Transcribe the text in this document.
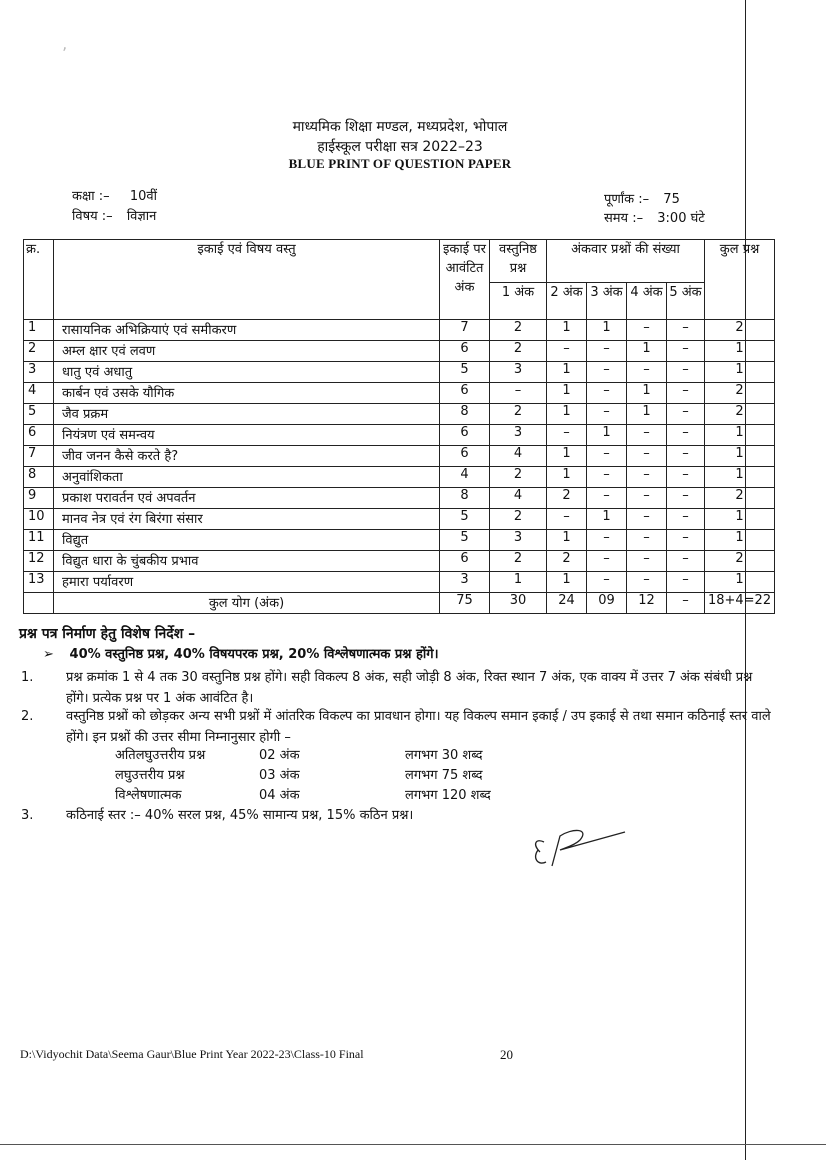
ʼ
माध्यमिक शिक्षा मण्डल, मध्यप्रदेश, भोपाल
हाईस्कूल परीक्षा सत्र 2022–23
BLUE PRINT OF QUESTION PAPER
कक्षा :– 10वीं
विषय :– विज्ञान
पूर्णांक :– 75
समय :– 3:00 घंटे
क्र.	इकाई एवं विषय वस्तु	इकाई पर आवंटित अंक	वस्तुनिष्ठ प्रश्न	अंकवार प्रश्नों की संख्या				कुल प्रश्न
			1 अंक	2 अंक	3 अंक	4 अंक	5 अंक	
1	रासायनिक अभिक्रियाएं एवं समीकरण	7	2	1	1	–	–	2
2	अम्ल क्षार एवं लवण	6	2	–	–	1	–	1
3	धातु एवं अधातु	5	3	1	–	–	–	1
4	कार्बन एवं उसके यौगिक	6	–	1	–	1	–	2
5	जैव प्रक्रम	8	2	1	–	1	–	2
6	नियंत्रण एवं समन्वय	6	3	–	1	–	–	1
7	जीव जनन कैसे करते है?	6	4	1	–	–	–	1
8	अनुवांशिकता	4	2	1	–	–	–	1
9	प्रकाश परावर्तन एवं अपवर्तन	8	4	2	–	–	–	2
10	मानव नेत्र एवं रंग बिरंगा संसार	5	2	–	1	–	–	1
11	विद्युत	5	3	1	–	–	–	1
12	विद्युत धारा के चुंबकीय प्रभाव	6	2	2	–	–	–	2
13	हमारा पर्यावरण	3	1	1	–	–	–	1
	कुल योग (अंक)	75	30	24	09	12	–	18+4=22
प्रश्न पत्र निर्माण हेतु विशेष निर्देश –
➢ 40% वस्तुनिष्ठ प्रश्न, 40% विषयपरक प्रश्न, 20% विश्लेषणात्मक प्रश्न होंगे।
1.	प्रश्न क्रमांक 1 से 4 तक 30 वस्तुनिष्ठ प्रश्न होंगे। सही विकल्प 8 अंक, सही जोड़ी 8 अंक, रिक्त स्थान 7 अंक, एक वाक्य में उत्तर 7 अंक संबंधी प्रश्न होंगे। प्रत्येक प्रश्न पर 1 अंक आवंटित है।
2.	वस्तुनिष्ठ प्रश्नों को छोड़कर अन्य सभी प्रश्नों में आंतरिक विकल्प का प्रावधान होगा। यह विकल्प समान इकाई / उप इकाई से तथा समान कठिनाई स्तर वाले होंगे। इन प्रश्नों की उत्तर सीमा निम्नानुसार होगी –
अतिलघुउत्तरीय प्रश्न	02 अंक	लगभग 30 शब्द
लघुउत्तरीय प्रश्न	03 अंक	लगभग 75 शब्द
विश्लेषणात्मक	04 अंक	लगभग 120 शब्द
3.	कठिनाई स्तर :– 40% सरल प्रश्न, 45% सामान्य प्रश्न, 15% कठिन प्रश्न।
D:\Vidyochit Data\Seema Gaur\Blue Print Year 2022-23\Class-10 Final	20
